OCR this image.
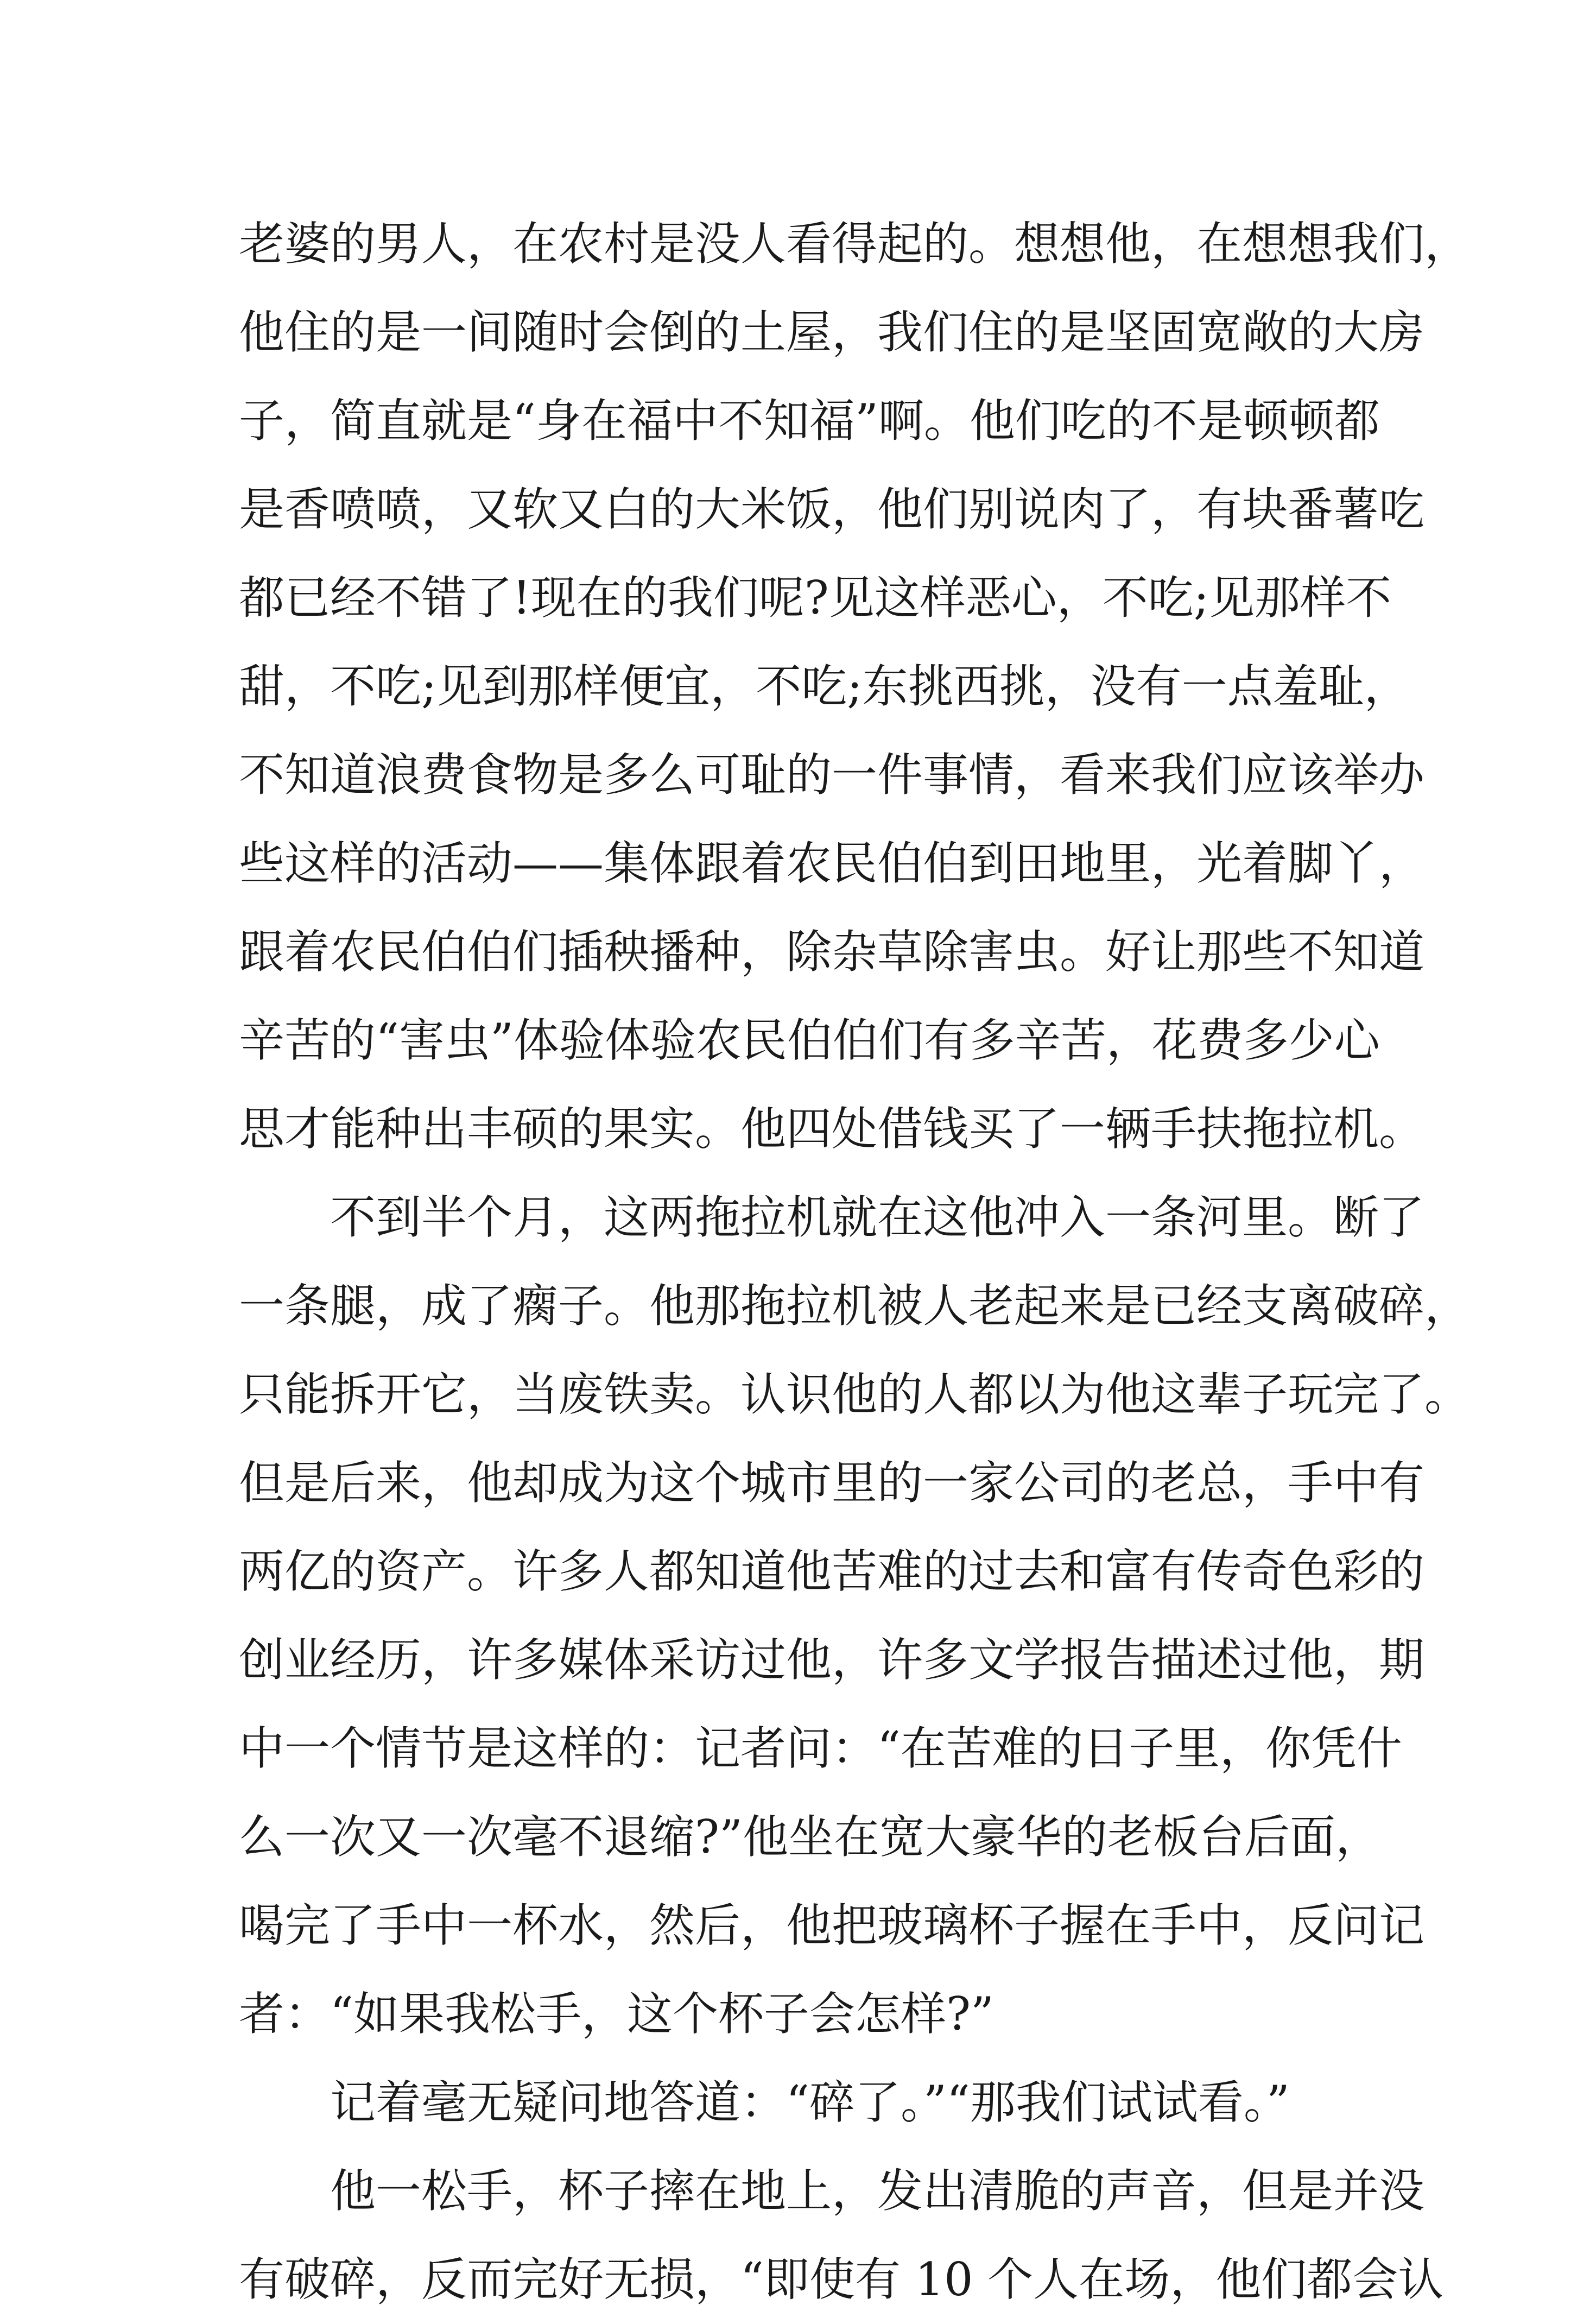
老婆的男人，在农村是没人看得起的。想想他，在想想我们，
他住的是一间随时会倒的土屋，我们住的是坚固宽敞的大房
子，简直就是“身在福中不知福”啊。他们吃的不是顿顿都
是香喷喷，又软又白的大米饭，他们别说肉了，有块番薯吃
都已经不错了!现在的我们呢?见这样恶心，不吃;见那样不
甜，不吃;见到那样便宜，不吃;东挑西挑，没有一点羞耻，
不知道浪费食物是多么可耻的一件事情，看来我们应该举办
些这样的活动——集体跟着农民伯伯到田地里，光着脚丫，
跟着农民伯伯们插秧播种，除杂草除害虫。好让那些不知道
辛苦的“害虫”体验体验农民伯伯们有多辛苦，花费多少心
思才能种出丰硕的果实。他四处借钱买了一辆手扶拖拉机。
不到半个月，这两拖拉机就在这他冲入一条河里。断了
一条腿，成了瘸子。他那拖拉机被人老起来是已经支离破碎，
只能拆开它，当废铁卖。认识他的人都以为他这辈子玩完了。
但是后来，他却成为这个城市里的一家公司的老总，手中有
两亿的资产。许多人都知道他苦难的过去和富有传奇色彩的
创业经历，许多媒体采访过他，许多文学报告描述过他，期
中一个情节是这样的：记者问：“在苦难的日子里，你凭什
么一次又一次毫不退缩?”他坐在宽大豪华的老板台后面，
喝完了手中一杯水，然后，他把玻璃杯子握在手中，反问记
者：“如果我松手，这个杯子会怎样?”
记着毫无疑问地答道：“碎了。”“那我们试试看。”
他一松手，杯子摔在地上，发出清脆的声音，但是并没
有破碎，反而完好无损，“即使有 10 个人在场，他们都会认
